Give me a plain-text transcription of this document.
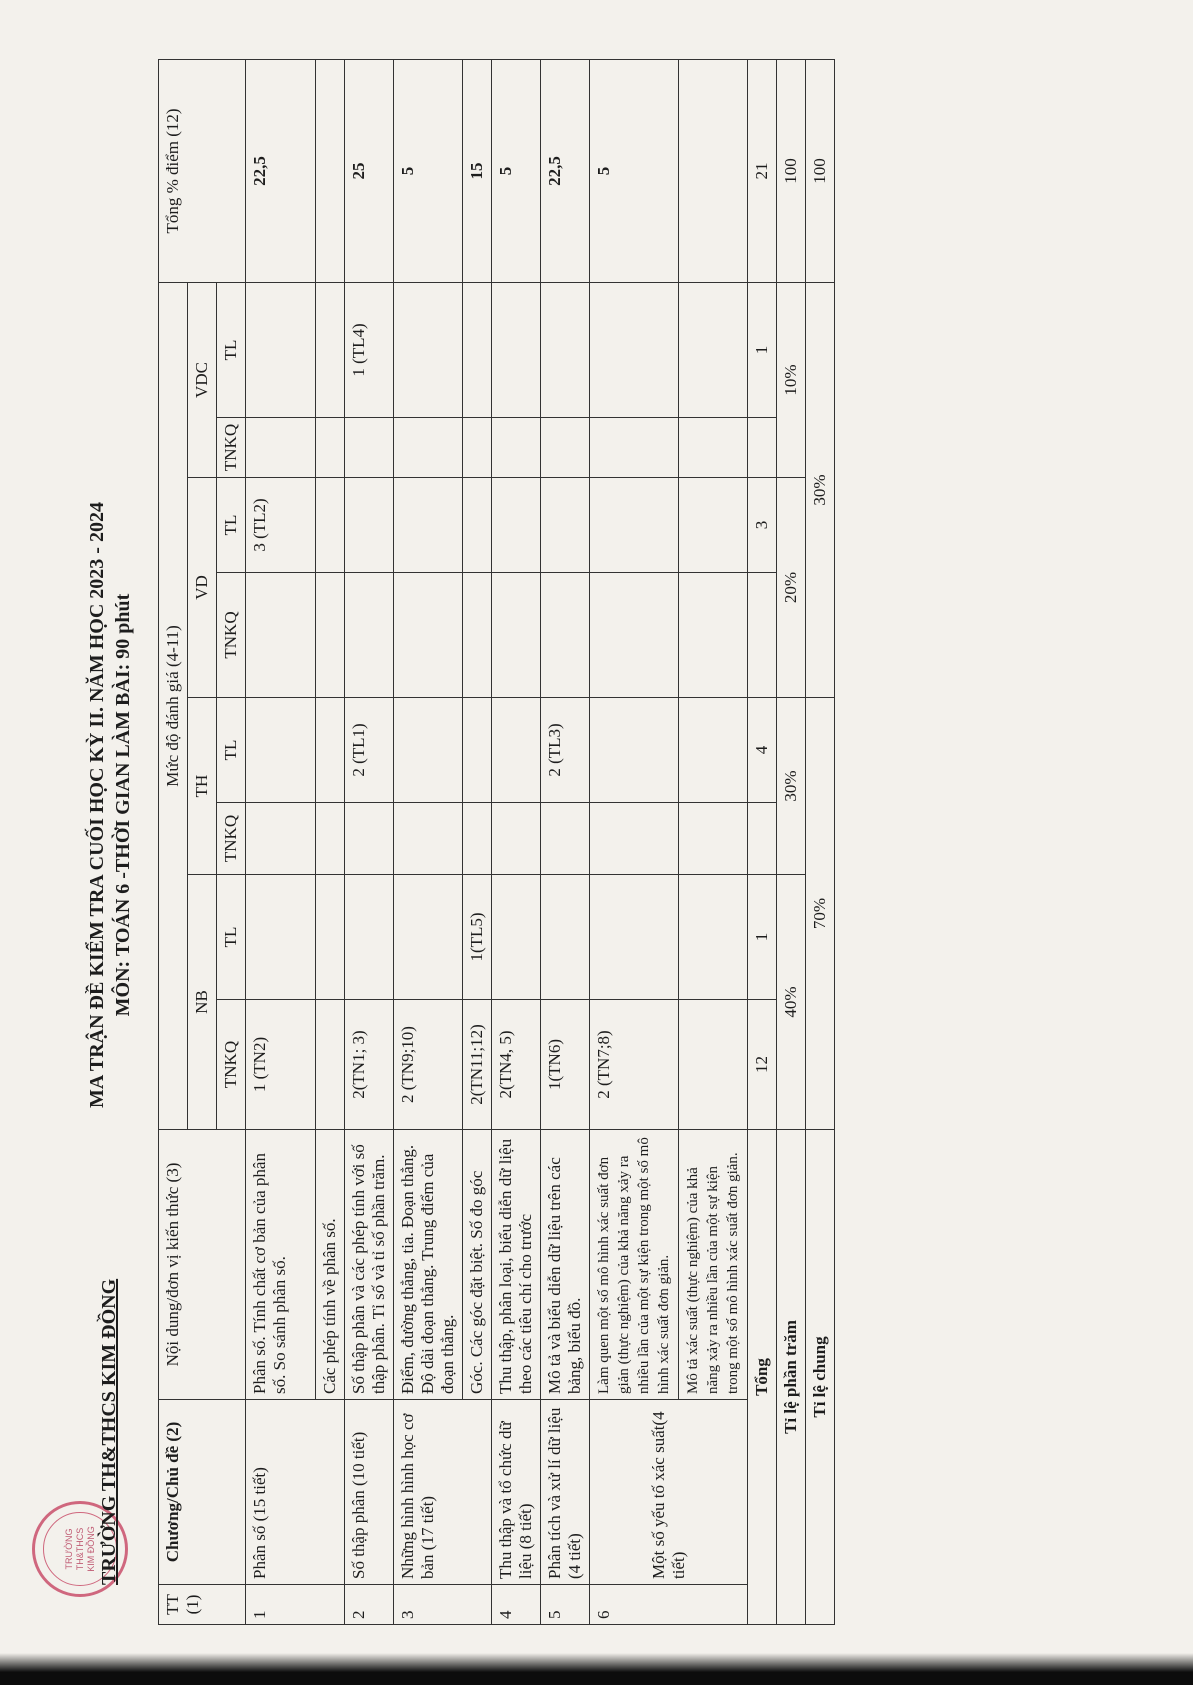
TRƯỜNG TH&THCS KIM ĐỒNG TRƯỜNG TH&THCS KIM ĐỒNG
MA TRẬN ĐỀ KIỂM TRA CUỐI HỌC KỲ II. NĂM HỌC 2023 - 2024 MÔN: TOÁN 6 -THỜI GIAN LÀM BÀI: 90 phút
TT (1)	Chương/Chủ đề (2)	Nội dung/đơn vị kiến thức (3)	Mức độ đánh giá (4-11)								Tổng % điểm (12)
			NB		TH		VD		VDC		
			TNKQ	TL	TNKQ	TL	TNKQ	TL	TNKQ	TL	
1	Phân số (15 tiết)	Phân số. Tính chất cơ bản của phân số. So sánh phân số.	1 (TN2)					3 (TL2)			22,5
		Các phép tính về phân số.									
2	Số thập phân (10 tiết)	Số thập phân và các phép tính với số thập phân. Tỉ số và tỉ số phần trăm.	2(TN1; 3)			2 (TL1)				1 (TL4)	25
3	Những hình hình học cơ bản (17 tiết)	Điểm, đường thẳng, tia. Đoạn thẳng. Độ dài đoạn thẳng. Trung điểm của đoạn thẳng.	2 (TN9;10)								5
		Góc. Các góc đặt biệt. Số đo góc	2(TN11;12)	1(TL5)							15
4	Thu thập và tổ chức dữ liệu (8 tiết)	Thu thập, phân loại, biểu diễn dữ liệu theo các tiêu chí cho trước	2(TN4, 5)								5
5	Phân tích và xử lí dữ liệu (4 tiết)	Mô tả và biểu diễn dữ liệu trên các bảng, biểu đồ.	1(TN6)			2 (TL3)					22,5
6	Một số yếu tố xác suất(4 tiết)	Làm quen một số mô hình xác suất đơn giản (thực nghiệm) của khả năng xảy ra nhiều lần của một sự kiện trong một số mô hình xác suất đơn giản.	2 (TN7;8)								5
		Mô tả xác suất (thực nghiệm) của khả năng xảy ra nhiều lần của một sự kiện trong một số mô hình xác suất đơn giản.									
Tổng			12	1		4		3		1	21
Tỉ lệ phần trăm			40%		30%		20%		10%		100
Tỉ lệ chung			70%				30%				100
